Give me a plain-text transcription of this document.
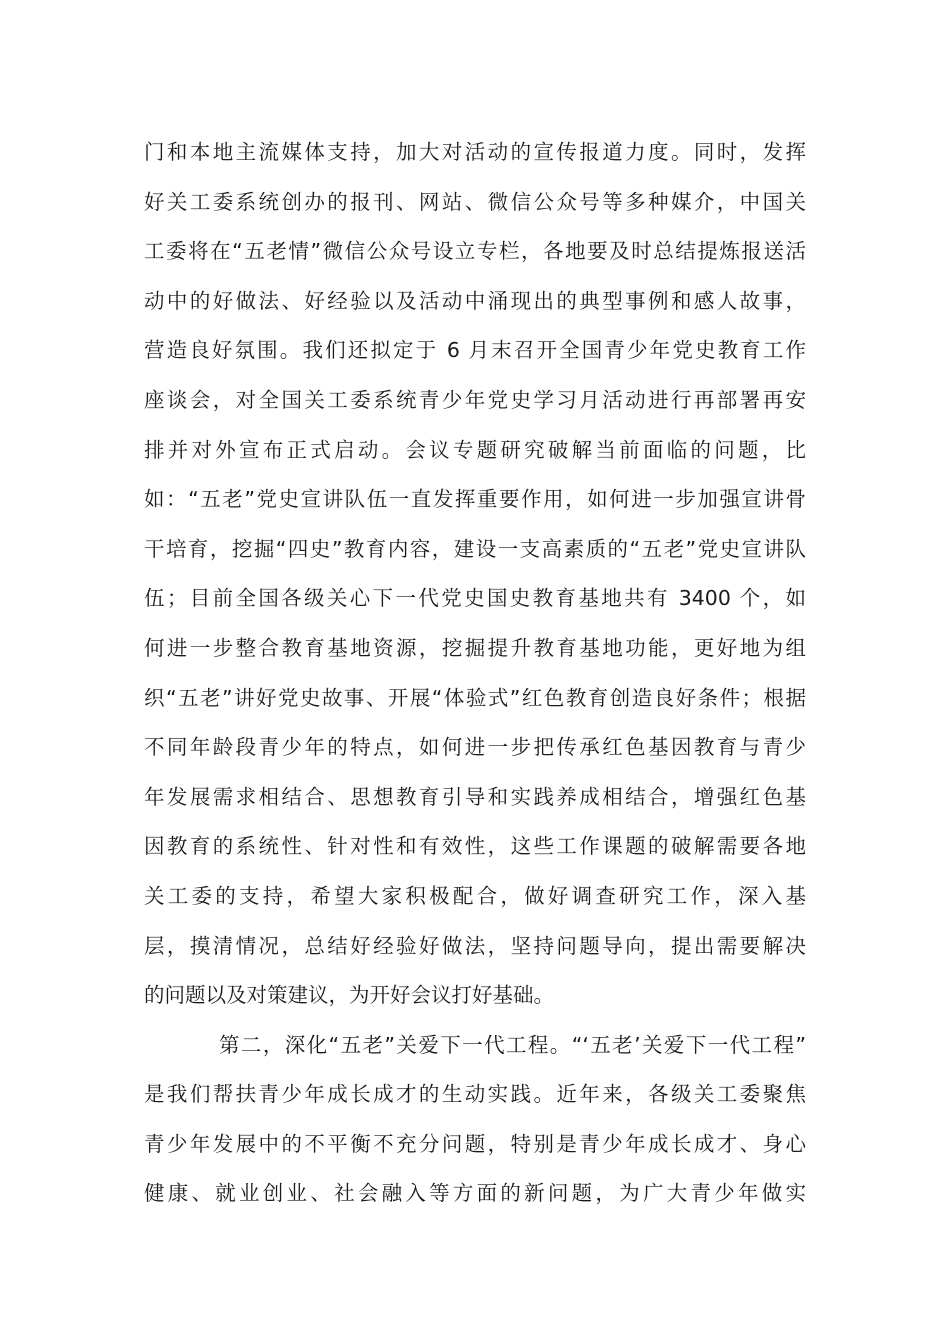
门和本地主流媒体支持，加大对活动的宣传报道力度。同时，发挥
好关工委系统创办的报刊、网站、微信公众号等多种媒介，中国关
工委将在“五老情”微信公众号设立专栏，各地要及时总结提炼报送活
动中的好做法、好经验以及活动中涌现出的典型事例和感人故事，
营造良好氛围。我们还拟定于 6 月末召开全国青少年党史教育工作
座谈会，对全国关工委系统青少年党史学习月活动进行再部署再安
排并对外宣布正式启动。会议专题研究破解当前面临的问题，比
如：“五老”党史宣讲队伍一直发挥重要作用，如何进一步加强宣讲骨
干培育，挖掘“四史”教育内容，建设一支高素质的“五老”党史宣讲队
伍；目前全国各级关心下一代党史国史教育基地共有 3400 个，如
何进一步整合教育基地资源，挖掘提升教育基地功能，更好地为组
织“五老”讲好党史故事、开展“体验式”红色教育创造良好条件；根据
不同年龄段青少年的特点，如何进一步把传承红色基因教育与青少
年发展需求相结合、思想教育引导和实践养成相结合，增强红色基
因教育的系统性、针对性和有效性，这些工作课题的破解需要各地
关工委的支持，希望大家积极配合，做好调查研究工作，深入基
层，摸清情况，总结好经验好做法，坚持问题导向，提出需要解决
的问题以及对策建议，为开好会议打好基础。
第二，深化“五老”关爱下一代工程。“‘五老’关爱下一代工程”
是我们帮扶青少年成长成才的生动实践。近年来，各级关工委聚焦
青少年发展中的不平衡不充分问题，特别是青少年成长成才、身心
健康、就业创业、社会融入等方面的新问题，为广大青少年做实
